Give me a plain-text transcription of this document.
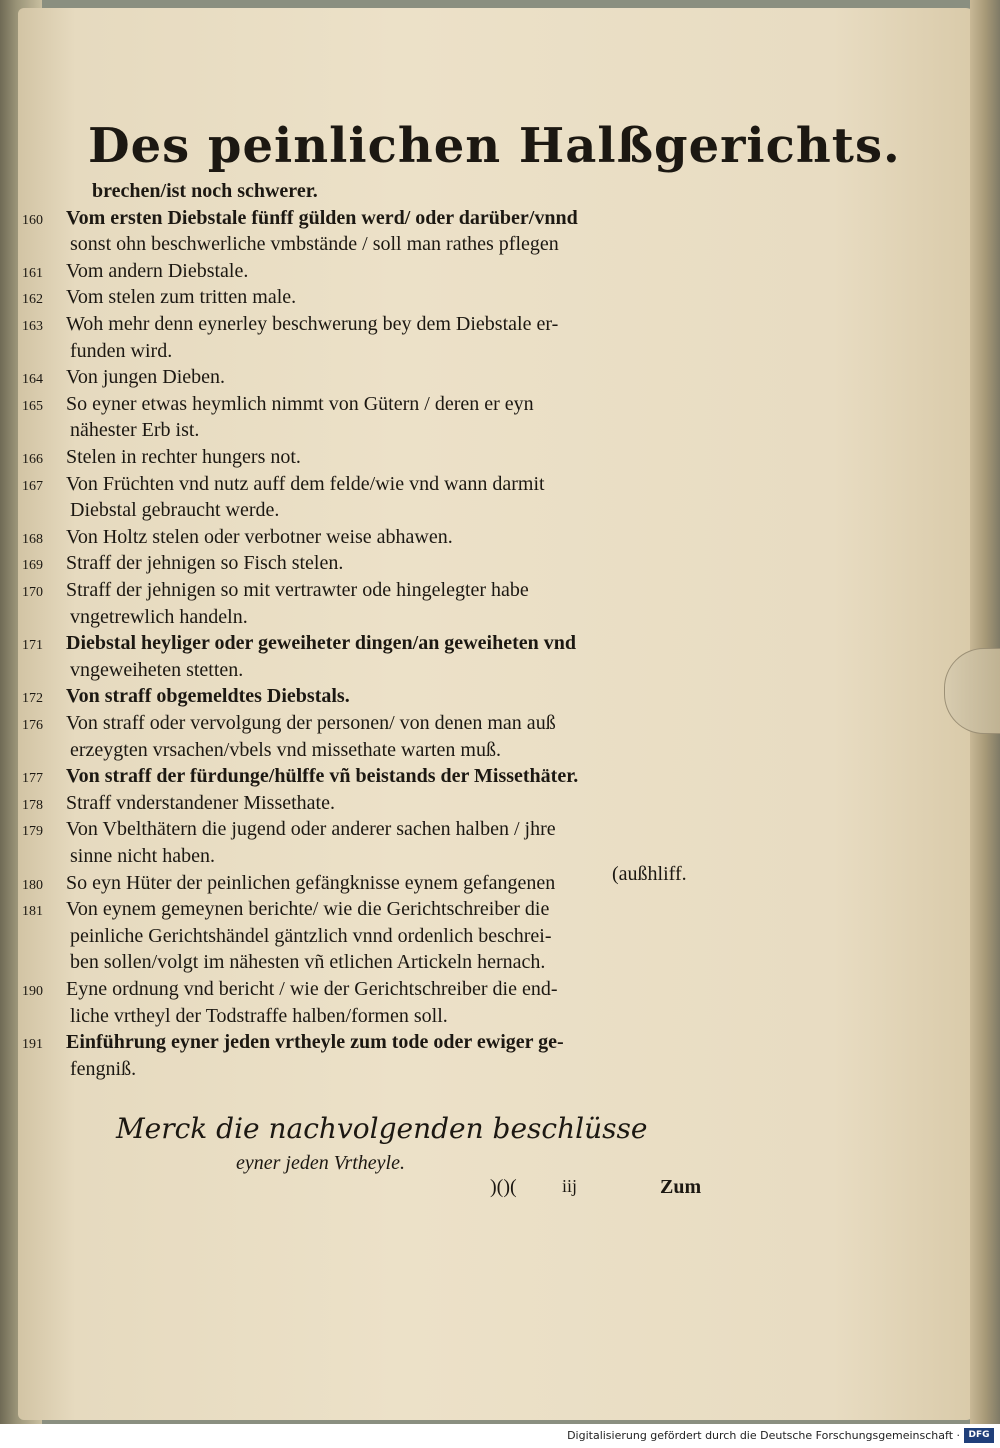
Des peinlichen Halßgerichts.
brechen/ist noch schwerer.
160 Vom ersten Diebstale fünff gülden werd/ oder darüber/vnnd
sonst ohn beschwerliche vmbstände / soll man rathes pflegen
161 Vom andern Diebstale.
162 Vom stelen zum tritten male.
163 Woh mehr denn eynerley beschwerung bey dem Diebstale er-
funden wird.
164 Von jungen Dieben.
165 So eyner etwas heymlich nimmt von Gütern / deren er eyn
nähester Erb ist.
166 Stelen in rechter hungers not.
167 Von Früchten vnd nutz auff dem felde/wie vnd wann darmit
Diebstal gebraucht werde.
168 Von Holtz stelen oder verbotner weise abhawen.
169 Straff der jehnigen so Fisch stelen.
170 Straff der jehnigen so mit vertrawter ode hingelegter habe
vngetrewlich handeln.
171 Diebstal heyliger oder geweiheter dingen/an geweiheten vnd
vngeweiheten stetten.
172 Von straff obgemeldtes Diebstals.
176 Von straff oder vervolgung der personen/ von denen man auß
erzeygten vrsachen/vbels vnd missethate warten muß.
177 Von straff der fürdunge/hülffe vñ beistands der Missethäter.
178 Straff vnderstandener Missethate.
179 Von Vbelthätern die jugend oder anderer sachen halben / jhre
sinne nicht haben.
180 So eyn Hüter der peinlichen gefängknisse eynem gefangenen
181 Von eynem gemeynen berichte/ wie die Gerichtschreiber die
peinliche Gerichtshändel gäntzlich vnnd ordenlich beschrei-
ben sollen/volgt im nähesten vñ etlichen Artickeln hernach.
190 Eyne ordnung vnd bericht / wie der Gerichtschreiber die end-
liche vrtheyl der Todstraffe halben/formen soll.
191 Einführung eyner jeden vrtheyle zum tode oder ewiger ge-
fengniß.
(außhliff.
Merck die nachvolgenden beschlüsse
eyner jeden Vrtheyle.
)()(	iij	Zum
Digitalisierung gefördert durch die Deutsche Forschungsgemeinschaft · DFG
